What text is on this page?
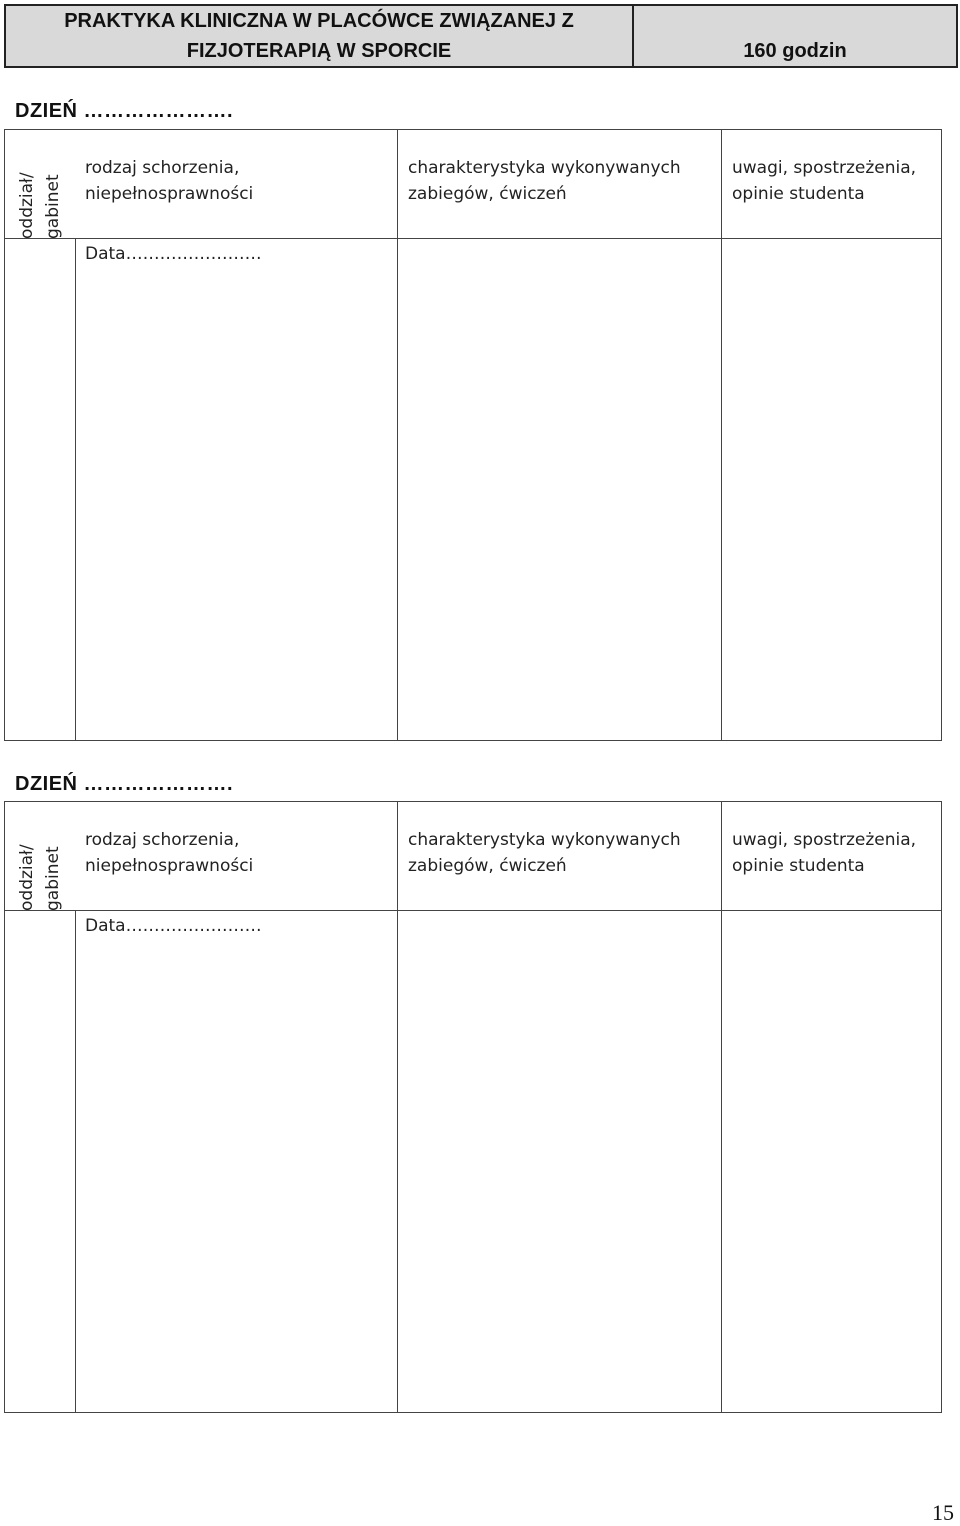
PRAKTYKA KLINICZNA W PLACÓWCE ZWIĄZANEJ Z
FIZJOTERAPIĄ W SPORCIE	160 godzin
DZIEŃ ………………….
oddział/ gabinet
rodzaj schorzenia,
niepełnosprawności
charakterystyka wykonywanych
zabiegów, ćwiczeń
uwagi, spostrzeżenia,
opinie studenta
Data……………………
DZIEŃ ………………….
oddział/ gabinet
rodzaj schorzenia,
niepełnosprawności
charakterystyka wykonywanych
zabiegów, ćwiczeń
uwagi, spostrzeżenia,
opinie studenta
Data……………………
15
